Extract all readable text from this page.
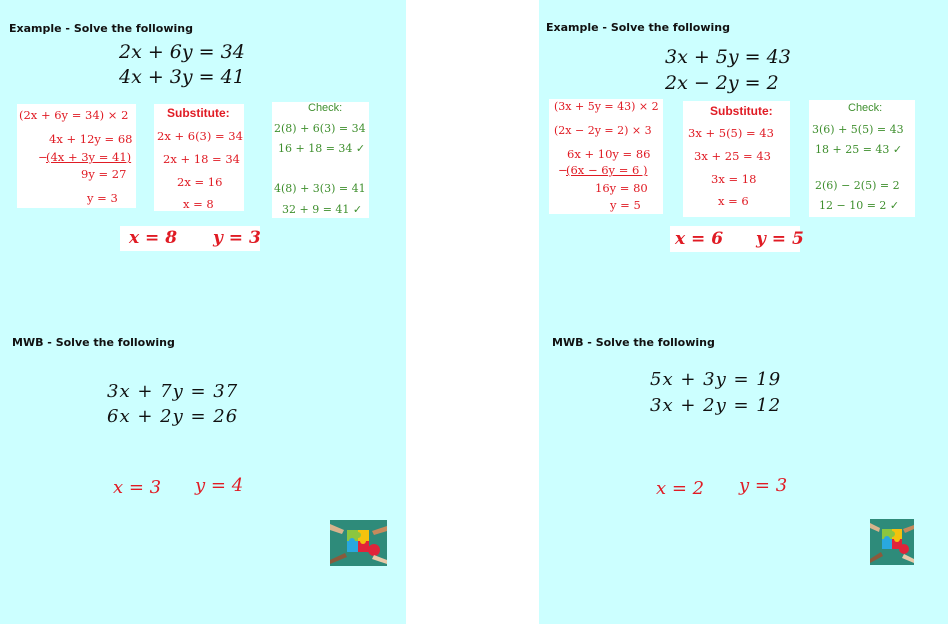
Example - Solve the following
2x + 6y = 34
4x + 3y = 41
(2x + 6y = 34) × 2
4x + 12y = 68
−
(4x + 3y = 41)
9y = 27
y = 3
Substitute:
2x + 6(3) = 34
2x + 18 = 34
2x = 16
x = 8
Check:
2(8) + 6(3) = 34
16 + 18 = 34 ✓
4(8) + 3(3) = 41
32 + 9 = 41 ✓
x = 8 y = 3
MWB - Solve the following
3x + 7y = 37
6x + 2y = 26
x = 3 y = 4
Example - Solve the following
3x + 5y = 43
2x − 2y = 2
(3x + 5y = 43) × 2
(2x − 2y = 2) × 3
6x + 10y = 86
−
(6x − 6y = 6 )
16y = 80
y = 5
Substitute:
3x + 5(5) = 43
3x + 25 = 43
3x = 18
x = 6
Check:
3(6) + 5(5) = 43
18 + 25 = 43 ✓
2(6) − 2(5) = 2
12 − 10 = 2 ✓
x = 6 y = 5
MWB - Solve the following
5x + 3y = 19
3x + 2y = 12
x = 2 y = 3
